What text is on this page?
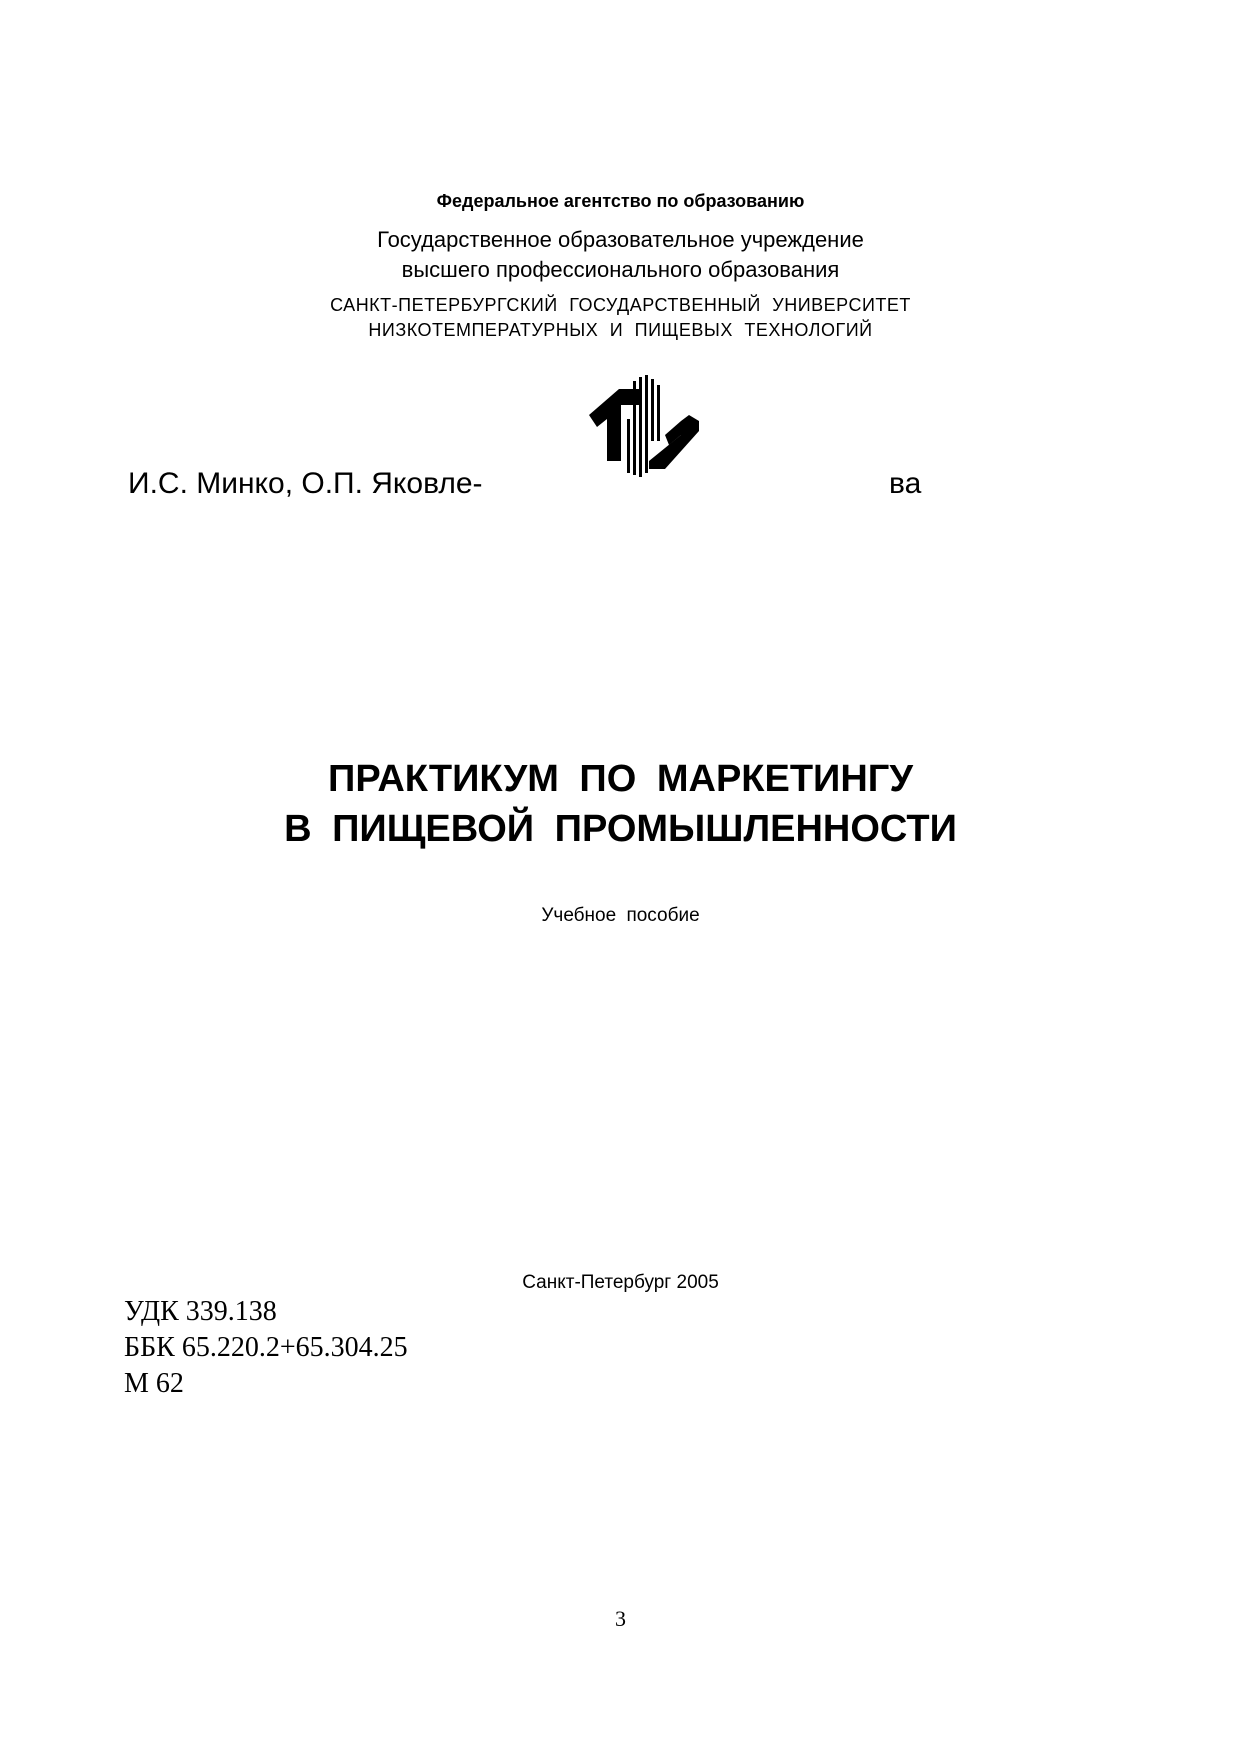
Федеральное агентство по образованию
Государственное образовательное учреждение
высшего профессионального образования
САНКТ-ПЕТЕРБУРГСКИЙ ГОСУДАРСТВЕННЫЙ УНИВЕРСИТЕТ
НИЗКОТЕМПЕРАТУРНЫХ И ПИЩЕВЫХ ТЕХНОЛОГИЙ
И.С. Минко, О.П. Яковле-	ва
ПРАКТИКУМ ПО МАРКЕТИНГУ
В ПИЩЕВОЙ ПРОМЫШЛЕННОСТИ
Учебное пособие
Санкт-Петербург 2005
УДК 339.138
ББК 65.220.2+65.304.25
М 62
3
